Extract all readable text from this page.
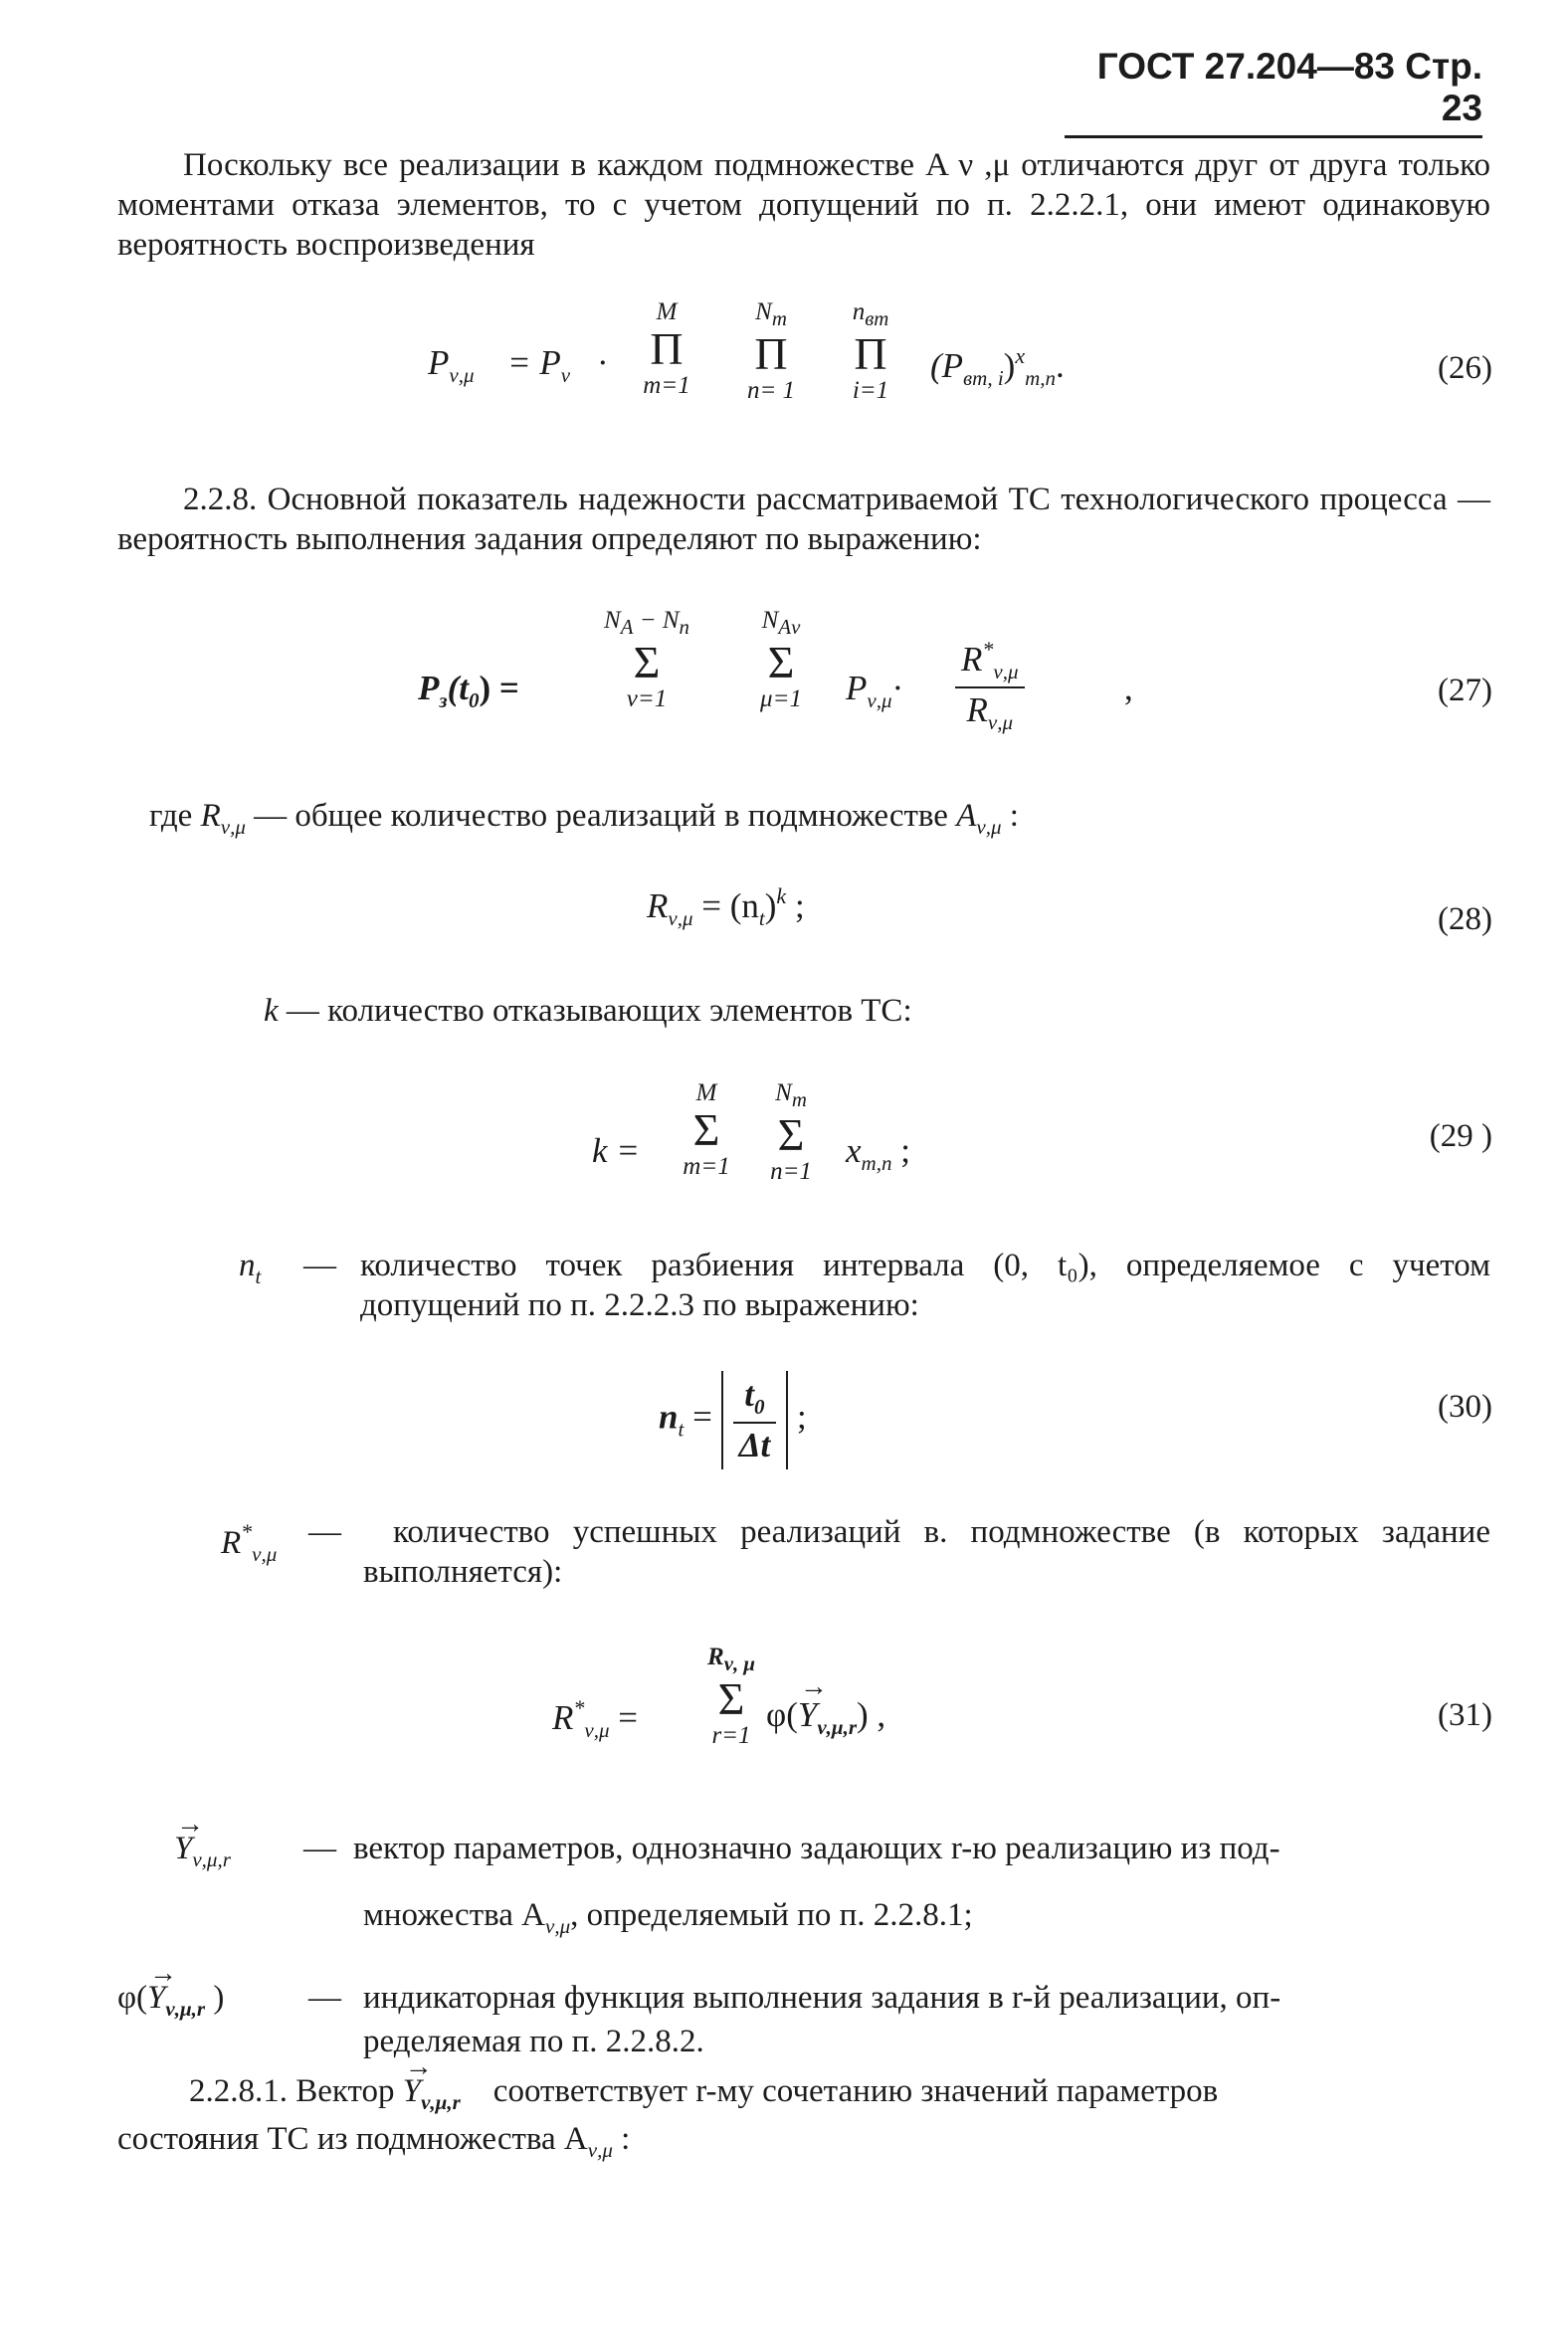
ГОСТ 27.204—83 Стр. 23
Поскольку все реализации в каждом подмножестве A ν ,μ отличаются друг от друга только моментами отказа элементов, то с учетом допущений по п. 2.2.2.1, они имеют одинаковую вероятность воспроизведения
$P_{\nu,\mu} = P_\nu$ ·
M
Π
m=1
$N_m$
Π
n= 1
$n_{вm}$
Π
i=1
$(P_{вm, i})^x_{m,n}$.	(26)
2.2.8. Основной показатель надежности рассматриваемой ТС технологического процесса — вероятность выполнения задания определяют по выражению:
$P_з(t_0)$ =
$N_A - N_п$
Σ
ν=1
$N_{A\nu}$
Σ
μ=1	$P_{\nu,\mu}\cdot \frac{R^*_{\nu,\mu}}{R_{\nu,\mu}}$	,	(27)
где $R_{\nu,\mu}$ — общее количество реализаций в подмножестве $A_{\nu,\mu}$ :
$R_{\nu,\mu} = (n_t)^k$ ;	(28)
k — количество отказывающих элементов ТС:
k =
M
Σ
m=1
$N_m$
Σ
n=1
$x_{m,n}$ ;	(29 )
$n_t$ — количество точек разбиения интервала (0, t₀), определяемое с учетом допущений по п. 2.2.2.3 по выражению:
$n_t = \frac{t_0}{\Delta t}$ ;	(30)
$R^*_{\nu,\mu}$
—	количество успешных реализаций в. подмножестве (в которых задание выполняется):
$R^*_{\nu,\mu}$ =
$R_{\nu, \mu}$
Σ
r=1
$\varphi(\to Y_{\nu,\mu,r})$ ,	(31)
→ $Y_{\nu,\mu,r}$ — вектор параметров, однозначно задающих r-ю реализацию из под-
множества $A_{\nu,\mu}$, определяемый по п. 2.2.8.1;
$\varphi(\to Y_{\nu,\mu,r}$ )	— индикаторная функция выполнения задания в r-й реализации, оп-
ределяемая по п. 2.2.8.2.
2.2.8.1. Вектор → $Y_{\nu,\mu,r}$ соответствует r-му сочетанию значений параметров
состояния ТС из подмножества $A_{\nu,\mu}$ :
